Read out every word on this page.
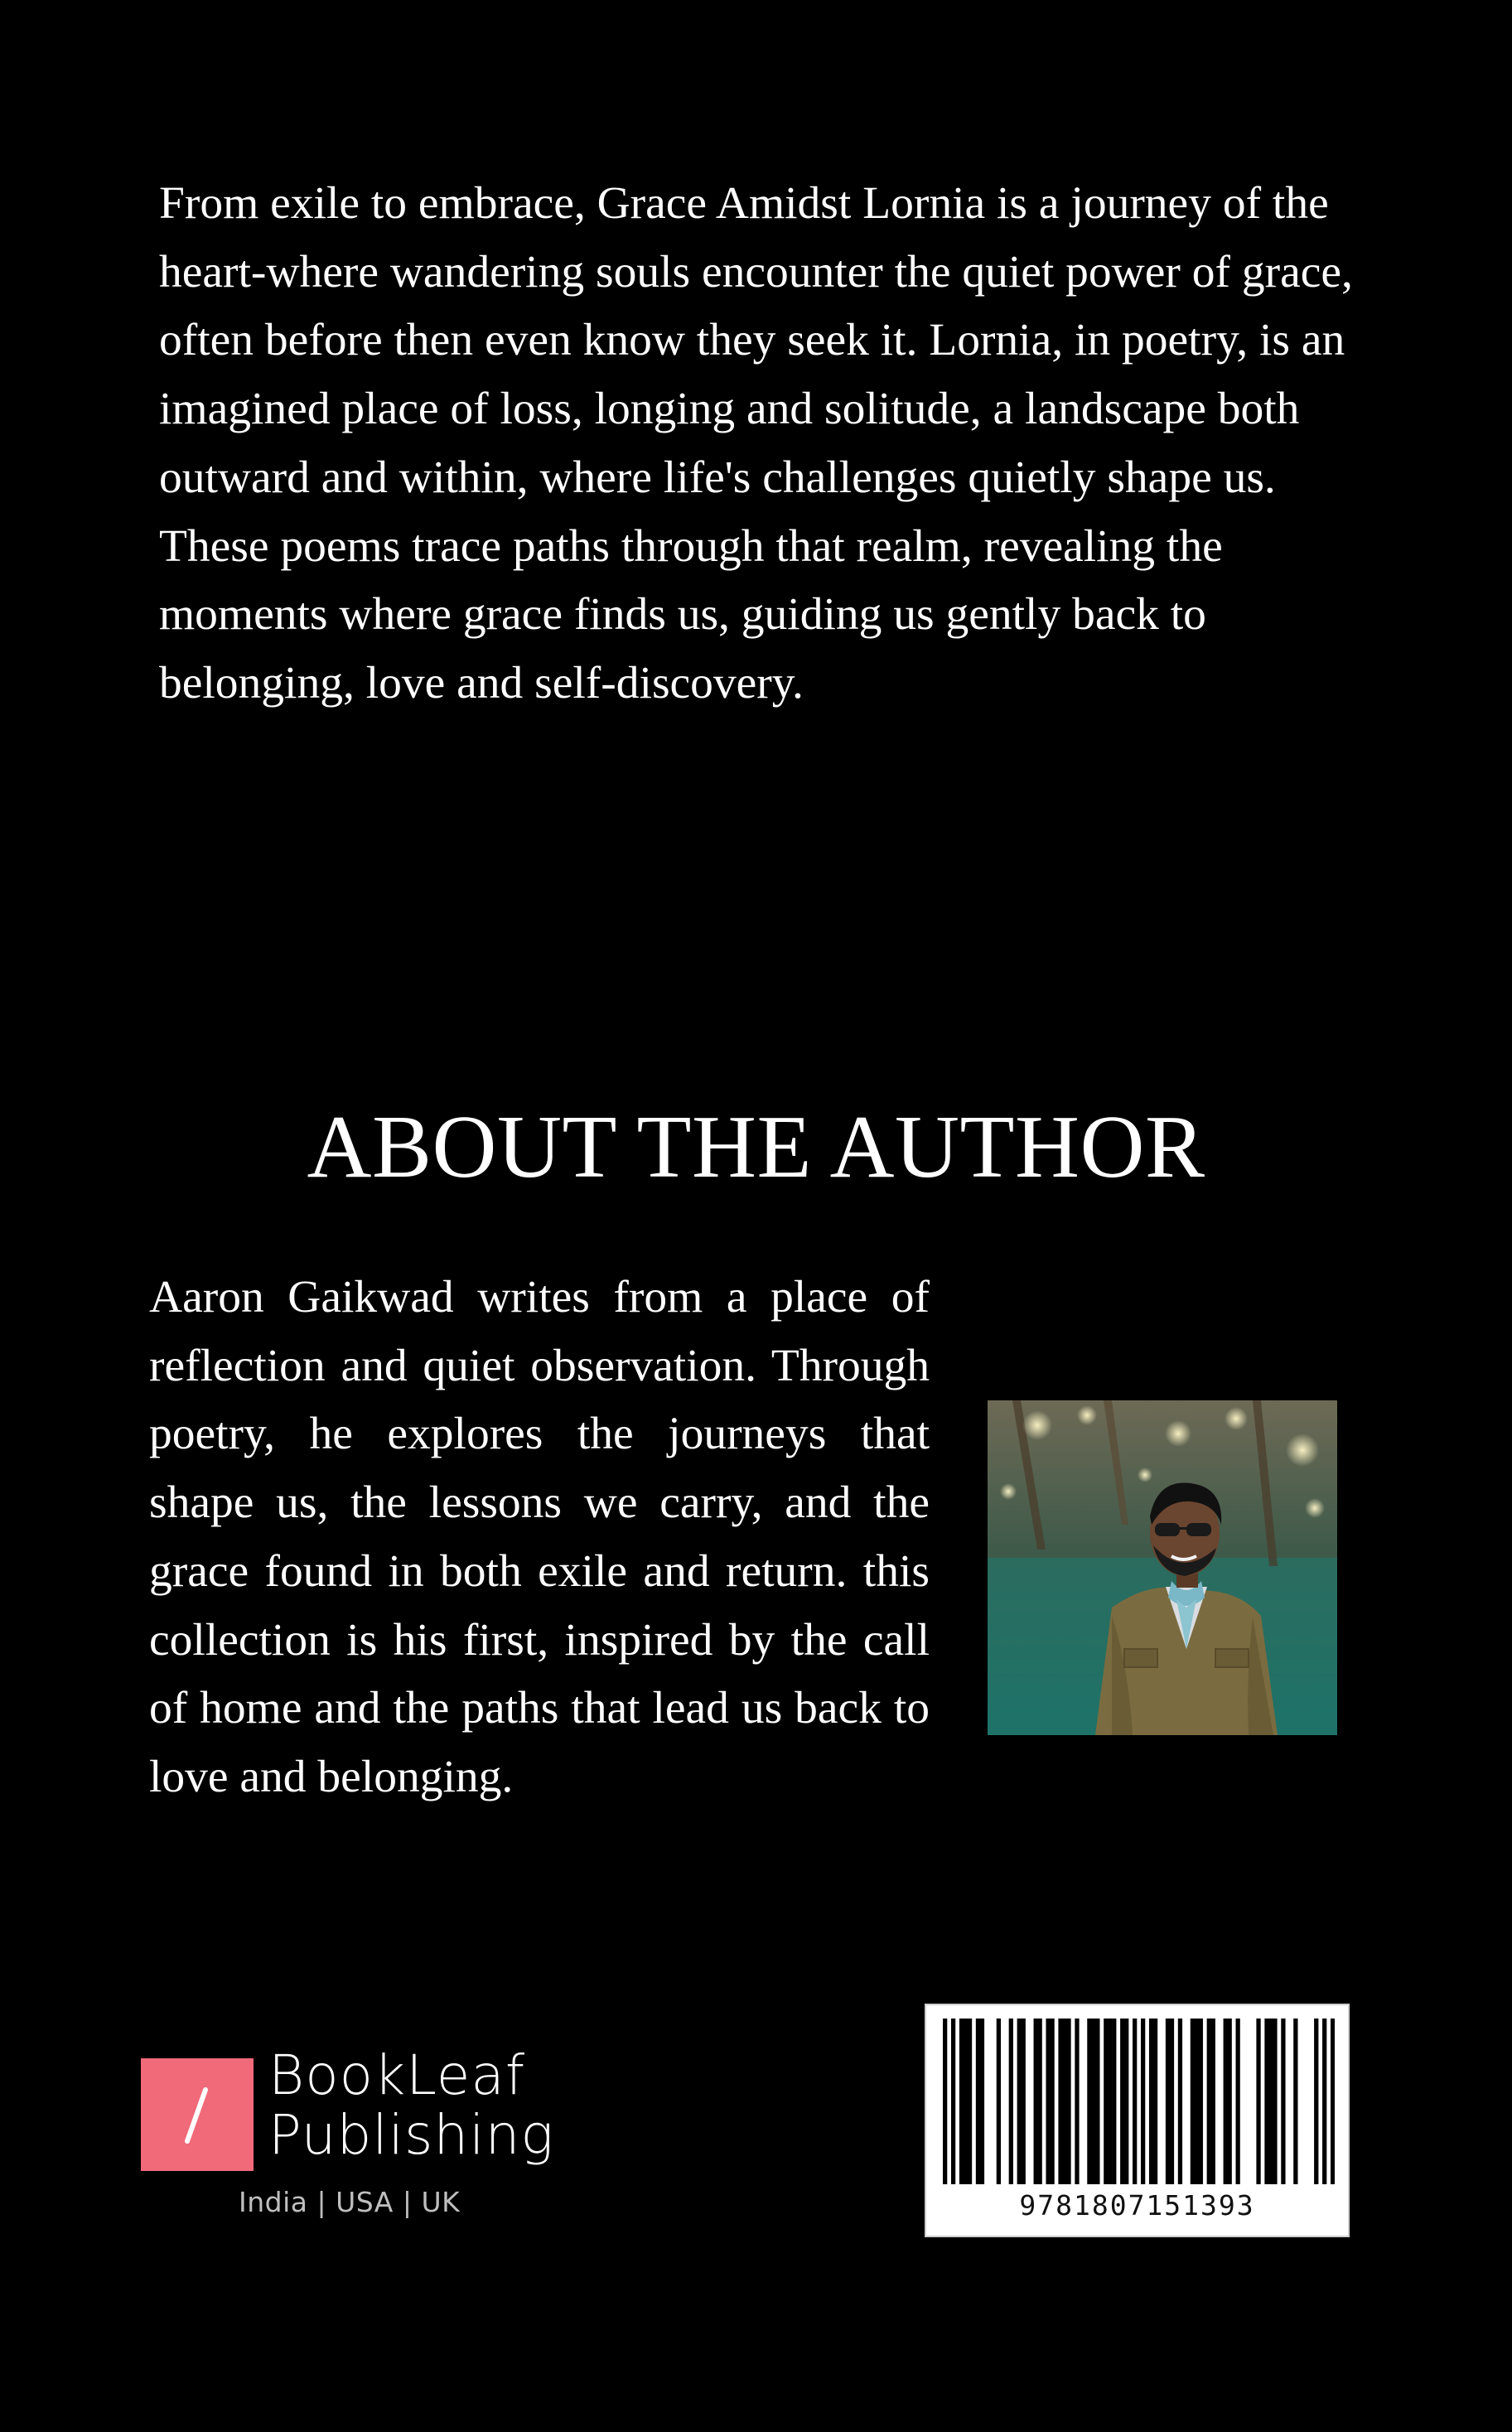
From exile to embrace, Grace Amidst Lornia is a journey of the heart-where wandering souls encounter the quiet power of grace, often before then even know they seek it. Lornia, in poetry, is an imagined place of loss, longing and solitude, a landscape both outward and within, where life's challenges quietly shape us. These poems trace paths through that realm, revealing the moments where grace finds us, guiding us gently back to belonging, love and self-discovery.

ABOUT THE AUTHOR

Aaron Gaikwad writes from a place of reflection and quiet observation. Through poetry, he explores the journeys that shape us, the lessons we carry, and the grace found in both exile and return. this collection is his first, inspired by the call of home and the paths that lead us back to love and belonging.

BookLeaf
Publishing
India | USA | UK	9781807151393
